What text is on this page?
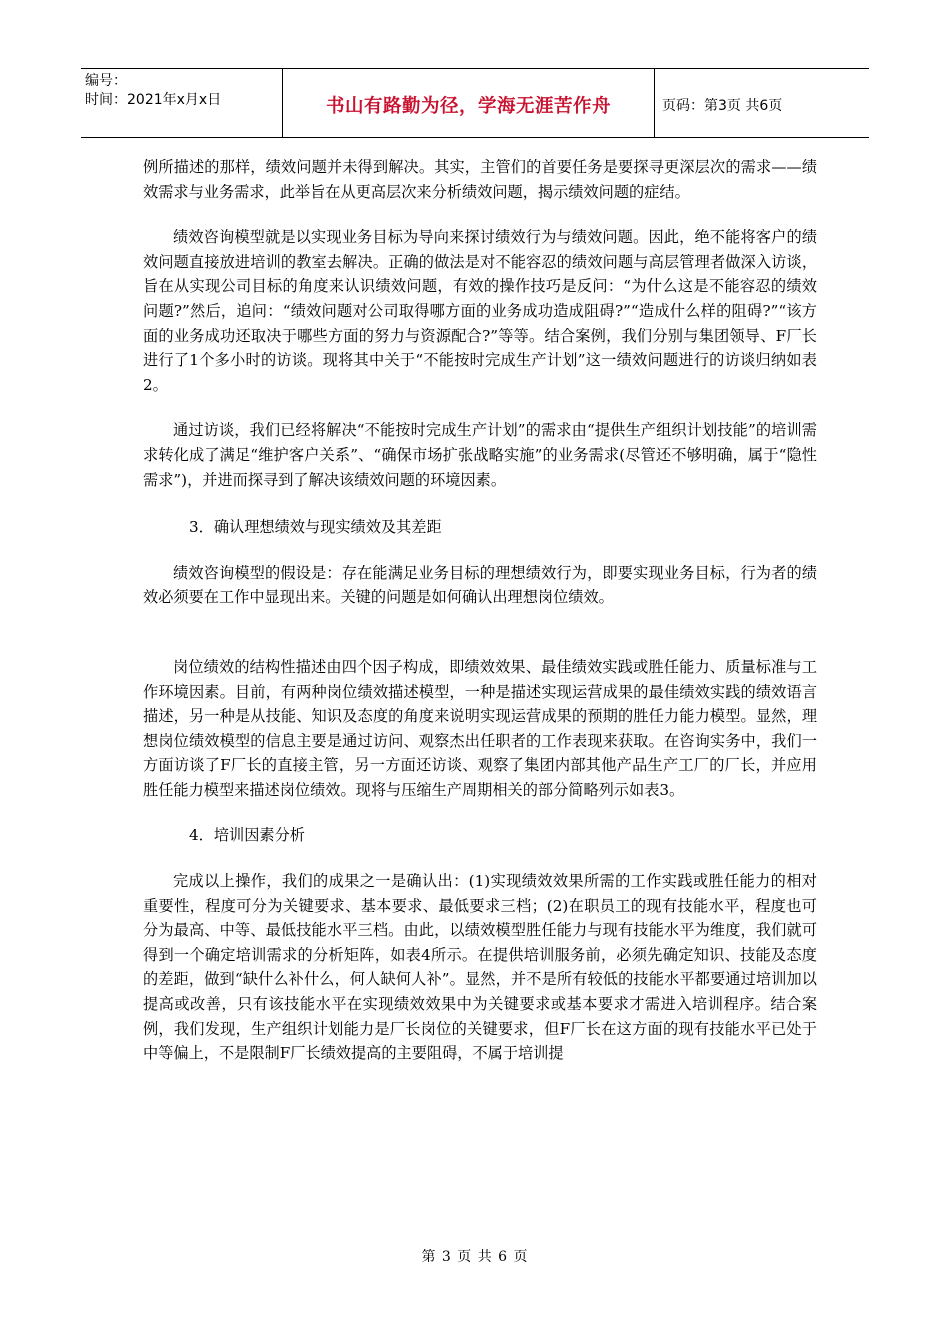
编号：
时间：2021年x月x日	书山有路勤为径，学海无涯苦作舟	页码：第3页 共6页

例所描述的那样，绩效问题并未得到解决。其实，主管们的首要任务是要探寻更深层次的需求——绩效需求与业务需求，此举旨在从更高层次来分析绩效问题，揭示绩效问题的症结。

绩效咨询模型就是以实现业务目标为导向来探讨绩效行为与绩效问题。因此，绝不能将客户的绩效问题直接放进培训的教室去解决。正确的做法是对不能容忍的绩效问题与高层管理者做深入访谈，旨在从实现公司目标的角度来认识绩效问题，有效的操作技巧是反问：“为什么这是不能容忍的绩效问题?”然后，追问：“绩效问题对公司取得哪方面的业务成功造成阻碍?”“造成什么样的阻碍?”“该方面的业务成功还取决于哪些方面的努力与资源配合?”等等。结合案例，我们分别与集团领导、F厂长进行了1个多小时的访谈。现将其中关于“不能按时完成生产计划”这一绩效问题进行的访谈归纳如表2。

通过访谈，我们已经将解决“不能按时完成生产计划”的需求由“提供生产组织计划技能”的培训需求转化成了满足“维护客户关系”、“确保市场扩张战略实施”的业务需求(尽管还不够明确，属于“隐性需求”)，并进而探寻到了解决该绩效问题的环境因素。

3．确认理想绩效与现实绩效及其差距

绩效咨询模型的假设是：存在能满足业务目标的理想绩效行为，即要实现业务目标，行为者的绩效必须要在工作中显现出来。关键的问题是如何确认出理想岗位绩效。

岗位绩效的结构性描述由四个因子构成，即绩效效果、最佳绩效实践或胜任能力、质量标准与工作环境因素。目前，有两种岗位绩效描述模型，一种是描述实现运营成果的最佳绩效实践的绩效语言描述，另一种是从技能、知识及态度的角度来说明实现运营成果的预期的胜任力能力模型。显然，理想岗位绩效模型的信息主要是通过访问、观察杰出任职者的工作表现来获取。在咨询实务中，我们一方面访谈了F厂长的直接主管，另一方面还访谈、观察了集团内部其他产品生产工厂的厂长，并应用胜任能力模型来描述岗位绩效。现将与压缩生产周期相关的部分简略列示如表3。

4．培训因素分析

完成以上操作，我们的成果之一是确认出：(1)实现绩效效果所需的工作实践或胜任能力的相对重要性，程度可分为关键要求、基本要求、最低要求三档；(2)在职员工的现有技能水平，程度也可分为最高、中等、最低技能水平三档。由此，以绩效模型胜任能力与现有技能水平为维度，我们就可得到一个确定培训需求的分析矩阵，如表4所示。在提供培训服务前，必须先确定知识、技能及态度的差距，做到“缺什么补什么，何人缺何人补”。显然，并不是所有较低的技能水平都要通过培训加以提高或改善，只有该技能水平在实现绩效效果中为关键要求或基本要求才需进入培训程序。结合案例，我们发现，生产组织计划能力是厂长岗位的关键要求，但F厂长在这方面的现有技能水平已处于中等偏上，不是限制F厂长绩效提高的主要阻碍，不属于培训提

第 3 页 共 6 页
